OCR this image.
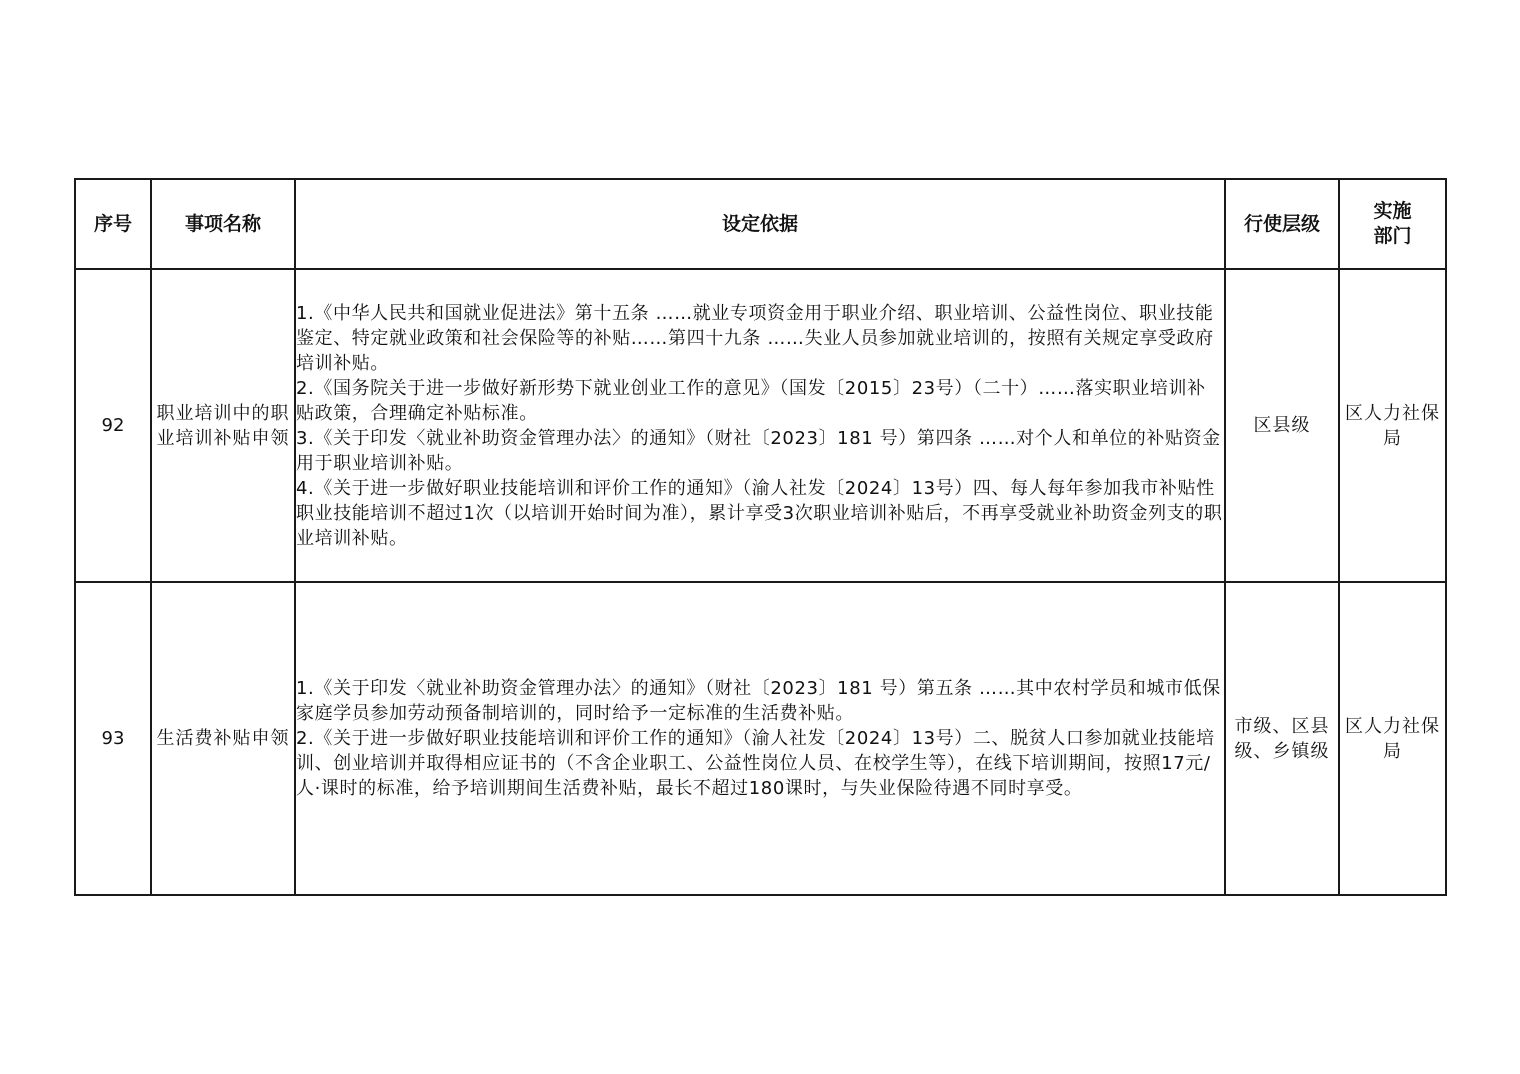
序号	事项名称	设定依据	行使层级	实施部门
92	职业培训中的职业培训补贴申领	1.《中华人民共和国就业促进法》第十五条 ……就业专项资金用于职业介绍、职业培训、公益性岗位、职业技能鉴定、特定就业政策和社会保险等的补贴……第四十九条 ……失业人员参加就业培训的，按照有关规定享受政府培训补贴。
2.《国务院关于进一步做好新形势下就业创业工作的意见》（国发〔2015〕23号）（二十）……落实职业培训补贴政策，合理确定补贴标准。
3.《关于印发〈就业补助资金管理办法〉的通知》（财社〔2023〕181 号）第四条 ……对个人和单位的补贴资金用于职业培训补贴。
4.《关于进一步做好职业技能培训和评价工作的通知》（渝人社发〔2024〕13号）四、每人每年参加我市补贴性职业技能培训不超过1次（以培训开始时间为准），累计享受3次职业培训补贴后，不再享受就业补助资金列支的职业培训补贴。	区县级	区人力社保局
93	生活费补贴申领	1.《关于印发〈就业补助资金管理办法〉的通知》（财社〔2023〕181 号）第五条 ……其中农村学员和城市低保家庭学员参加劳动预备制培训的，同时给予一定标准的生活费补贴。
2.《关于进一步做好职业技能培训和评价工作的通知》（渝人社发〔2024〕13号）二、脱贫人口参加就业技能培训、创业培训并取得相应证书的（不含企业职工、公益性岗位人员、在校学生等），在线下培训期间，按照17元/人·课时的标准，给予培训期间生活费补贴，最长不超过180课时，与失业保险待遇不同时享受。	市级、区县级、乡镇级	区人力社保局
